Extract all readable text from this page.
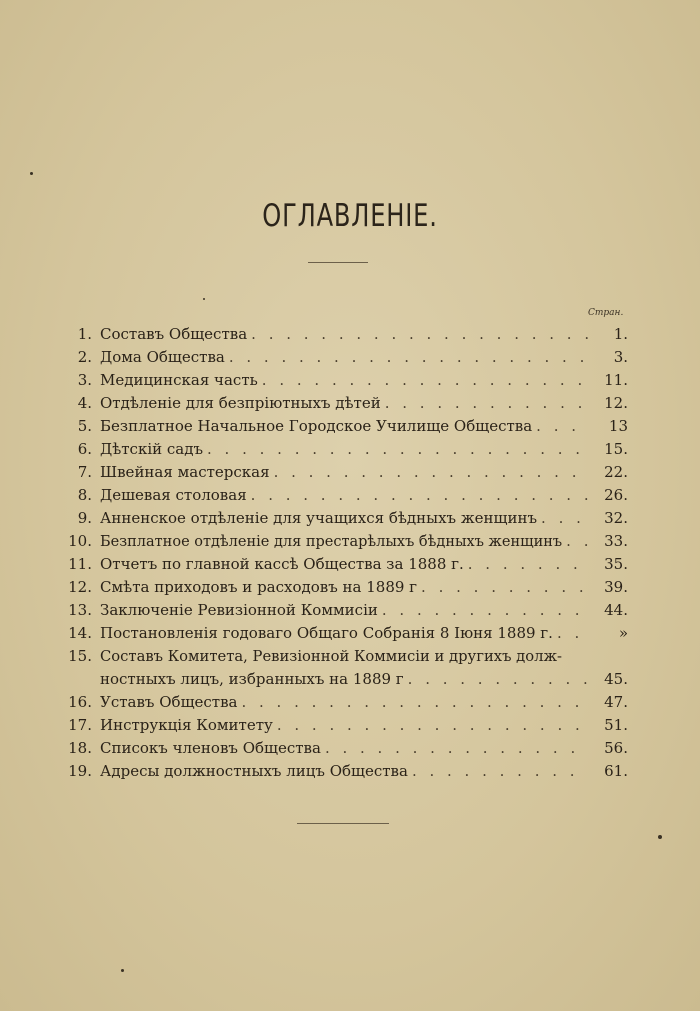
ОГЛАВЛЕНІЕ.
Стран.
1. Составъ Общества . . .	1.
2. Дома Общества . . .	3.
3. Медицинская часть . . .	11.
4. Отдѣленіе для безпріютныхъ дѣтей . . .	12.
5. Безплатное Начальное Городское Училище Общества . . .	13
6. Дѣтскій садъ . . .	15.
7. Швейная мастерская . . .	22.
8. Дешевая столовая . . .	26.
9. Анненское отдѣленіе для учащихся бѣдныхъ женщинъ . . .	32.
10. Безплатное отдѣленіе для престарѣлыхъ бѣдныхъ женщинъ . . .	33.
11. Отчетъ по главной кассѣ Общества за 1888 г. . . .	35.
12. Смѣта приходовъ и расходовъ на 1889 г . . .	39.
13. Заключеніе Ревизіонной Коммисіи . . .	44.
14. Постановленія годоваго Общаго Собранія 8 Іюня 1889 г. . . .	»
15. Составъ Комитета, Ревизіонной Коммисіи и другихъ долж-
ностныхъ лицъ, избранныхъ на 1889 г . . .	45.
16. Уставъ Общества . . .	47.
17. Инструкція Комитету . . .	51.
18. Списокъ членовъ Общества . . .	56.
19. Адресы должностныхъ лицъ Общества . . .	61.
